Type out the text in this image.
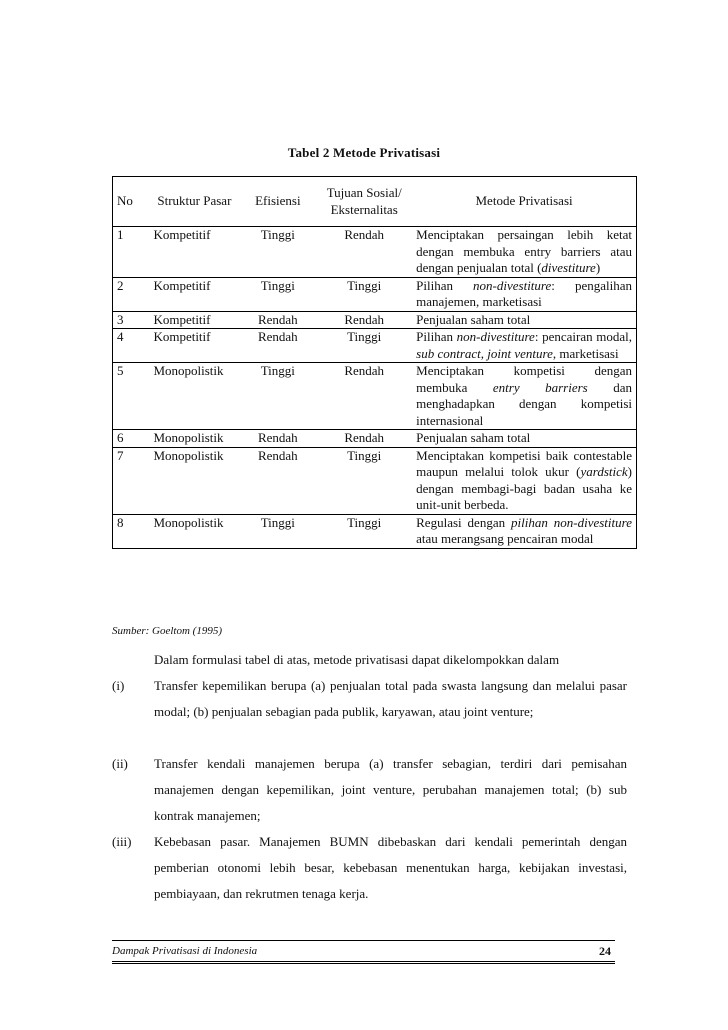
Tabel 2 Metode Privatisasi
No	Struktur Pasar	Efisiensi	Tujuan Sosial/ Eksternalitas	Metode Privatisasi
1	Kompetitif	Tinggi	Rendah	Menciptakan persaingan lebih ketat dengan membuka entry barriers atau dengan penjualan total (divestiture)
2	Kompetitif	Tinggi	Tinggi	Pilihan non-divestiture: pengalihan manajemen, marketisasi
3	Kompetitif	Rendah	Rendah	Penjualan saham total
4	Kompetitif	Rendah	Tinggi	Pilihan non-divestiture: pencairan modal, sub contract, joint venture, marketisasi
5	Monopolistik	Tinggi	Rendah	Menciptakan kompetisi dengan membuka entry barriers dan menghadapkan dengan kompetisi internasional
6	Monopolistik	Rendah	Rendah	Penjualan saham total
7	Monopolistik	Rendah	Tinggi	Menciptakan kompetisi baik contestable maupun melalui tolok ukur (yardstick) dengan membagi-bagi badan usaha ke unit-unit berbeda.
8	Monopolistik	Tinggi	Tinggi	Regulasi dengan pilihan non-divestiture atau merangsang pencairan modal
Sumber: Goeltom (1995)
Dalam formulasi tabel di atas, metode privatisasi dapat dikelompokkan dalam
(i) Transfer kepemilikan berupa (a) penjualan total pada swasta langsung dan melalui pasar modal; (b) penjualan sebagian pada publik, karyawan, atau joint venture;
(ii) Transfer kendali manajemen berupa (a) transfer sebagian, terdiri dari pemisahan manajemen dengan kepemilikan, joint venture, perubahan manajemen total; (b) sub kontrak manajemen;
(iii) Kebebasan pasar. Manajemen BUMN dibebaskan dari kendali pemerintah dengan pemberian otonomi lebih besar, kebebasan menentukan harga, kebijakan investasi, pembiayaan, dan rekrutmen tenaga kerja.
Dampak Privatisasi di Indonesia	24
